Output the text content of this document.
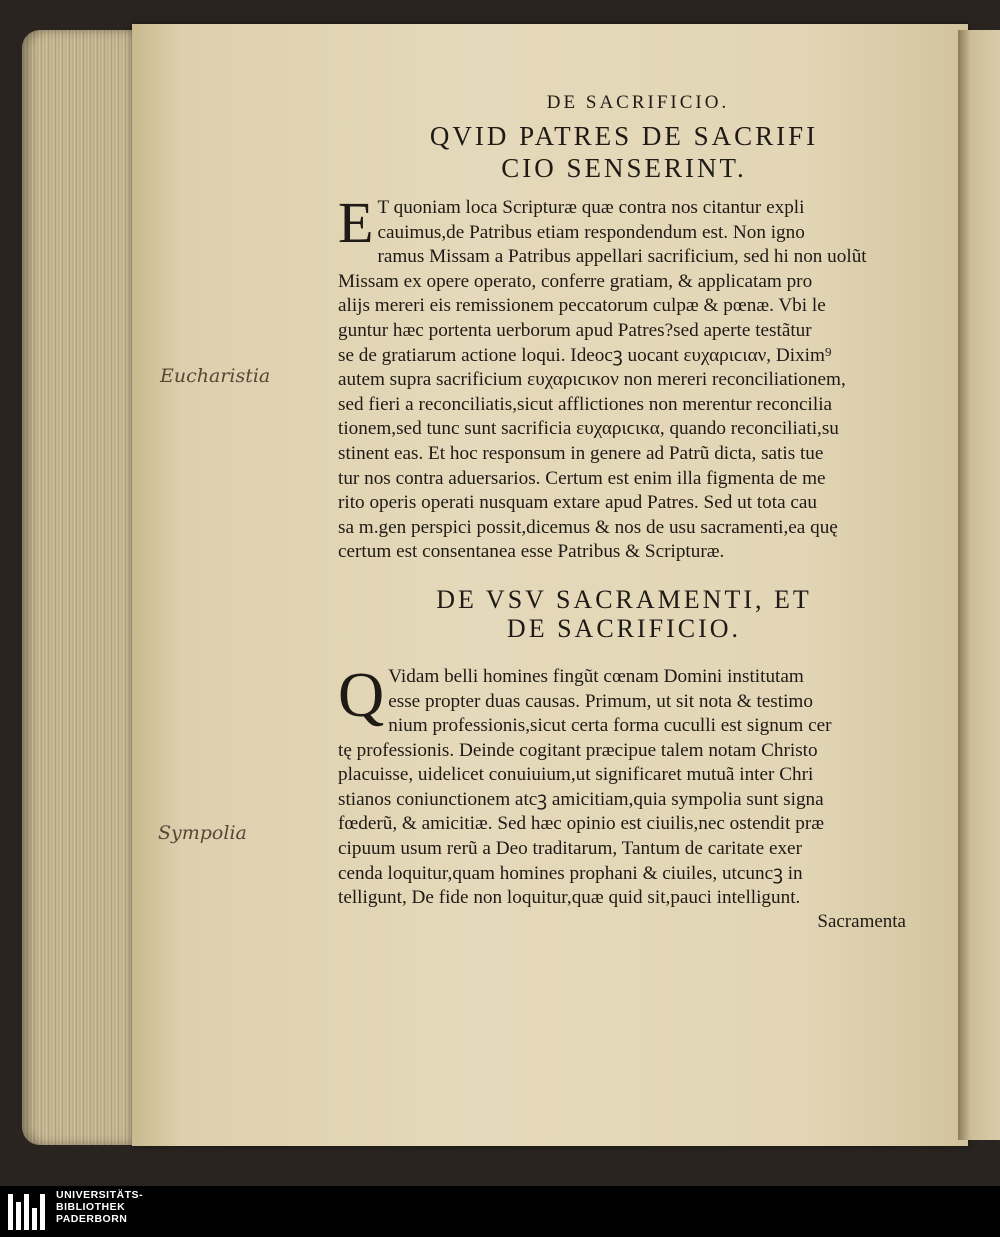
Eucharistia
Sympolia
DE SACRIFICIO.
QVID PATRES DE SACRIFI
CIO SENSERINT.
E T quoniam loca Scripturæ quæ contra nos citantur expli
cauimus,de Patribus etiam respondendum est. Non igno
ramus Missam a Patribus appellari sacrificium, sed hi non uolũt
Missam ex opere operato, conferre gratiam, & applicatam pro
alijs mereri eis remissionem peccatorum culpæ & pœnæ. Vbi le
guntur hæc portenta uerborum apud Patres?sed aperte testãtur
se de gratiarum actione loqui. Ideocꝫ uocant ευχαριϲιαν, Dixim⁹
autem supra sacrificium ευχαριϲικον non mereri reconciliationem,
sed fieri a reconciliatis,sicut afflictiones non merentur reconcilia
tionem,sed tunc sunt sacrificia ευχαριϲικα, quando reconciliati,su
stinent eas. Et hoc responsum in genere ad Patrũ dicta, satis tue
tur nos contra aduersarios. Certum est enim illa figmenta de me
rito operis operati nusquam extare apud Patres. Sed ut tota cau
sa m.gen perspici possit,dicemus & nos de usu sacramenti,ea quę
certum est consentanea esse Patribus & Scripturæ.
DE VSV SACRAMENTI, ET
DE SACRIFICIO.
Q Vidam belli homines fingũt cœnam Domini institutam
esse propter duas causas. Primum, ut sit nota & testimo
nium professionis,sicut certa forma cuculli est signum cer
tę professionis. Deinde cogitant præcipue talem notam Christo
placuisse, uidelicet conuiuium,ut significaret mutuã inter Chri
stianos coniunctionem atcꝫ amicitiam,quia sympolia sunt signa
fœderũ, & amicitiæ. Sed hæc opinio est ciuilis,nec ostendit præ
cipuum usum rerũ a Deo traditarum, Tantum de caritate exer
cenda loquitur,quam homines prophani & ciuiles, utcuncꝫ in
telligunt, De fide non loquitur,quæ quid sit,pauci intelligunt.
Sacramenta
UNIVERSITÄTS-
BIBLIOTHEK
PADERBORN
